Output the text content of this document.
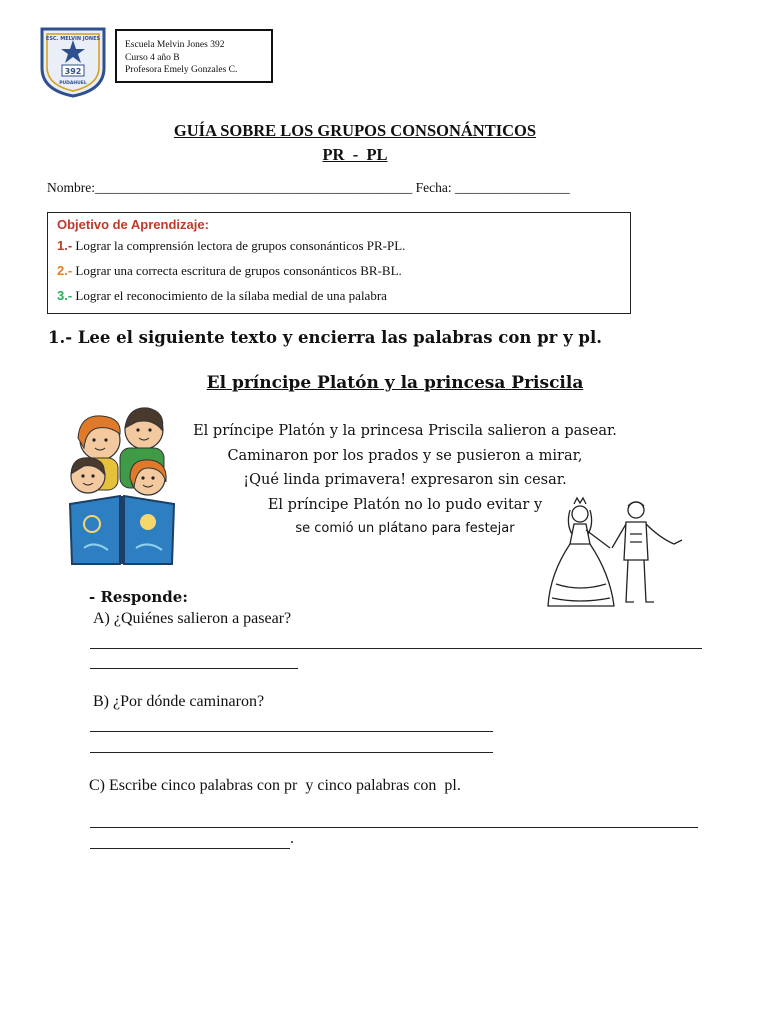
ESC. MELVIN JONES
392
PUDAHUEL
Escuela Melvin Jones 392
Curso 4 año B
Profesora Emely Gonzales C.
GUÍA SOBRE LOS GRUPOS CONSONÁNTICOS
PR  -  PL
Nombre:_______________________________________________ Fecha: _________________
Objetivo de Aprendizaje:
1.- Lograr la comprensión lectora de grupos consonánticos PR-PL.
2.- Lograr una correcta escritura de grupos consonánticos BR-BL.
3.- Lograr el reconocimiento de la sílaba medial de una palabra
1.- Lee el siguiente texto y encierra las palabras con pr y pl.
El príncipe Platón y la princesa Priscila
El príncipe Platón y la princesa Priscila salieron a pasear.
Caminaron por los prados y se pusieron a mirar,
¡Qué linda primavera! expresaron sin cesar.
El príncipe Platón no lo pudo evitar y
se comió un plátano para festejar
- Responde:
A) ¿Quiénes salieron a pasear?
B) ¿Por dónde caminaron?
C) Escribe cinco palabras con pr  y cinco palabras con  pl.
.
